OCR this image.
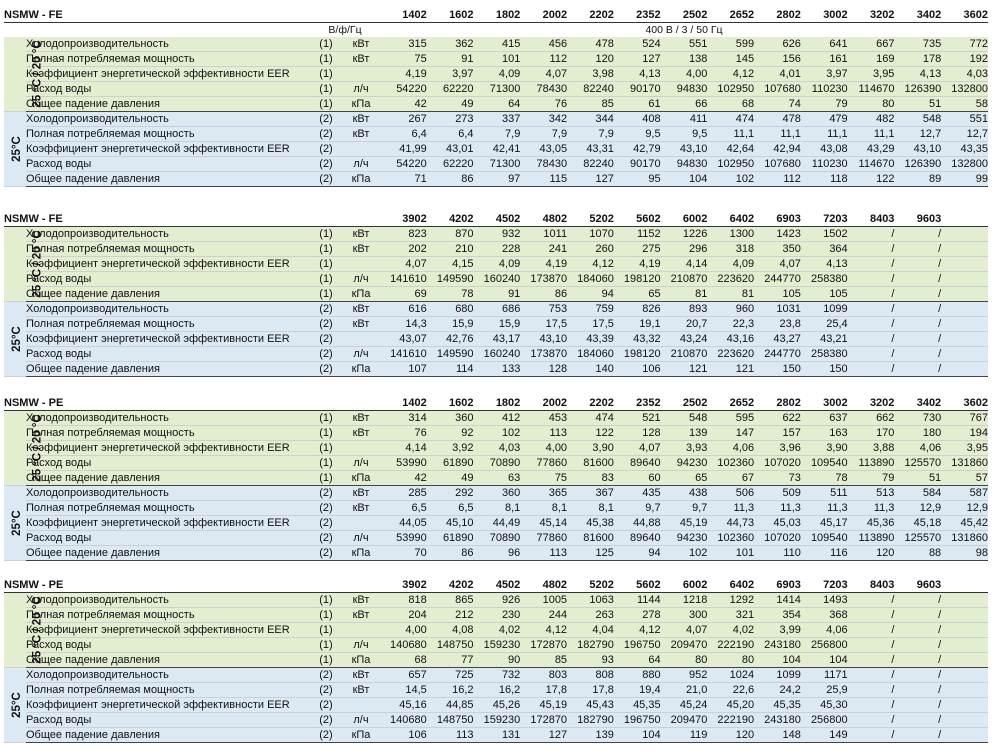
NSMW - FE				1402	1602	1802	2002	2202	2352	2502	2652	2802	3002	3202	3402	3602
		В/ф/Гц		400 В / 3 / 50 Гц												
25 °C / 20 °C	Холодопроизводительность	(1)	кВт	315	362	415	456	478	524	551	599	626	641	667	735	772
	Полная потребляемая мощность	(1)	кВт	75	91	101	112	120	127	138	145	156	161	169	178	192
	Коэффициент энергетической эффективности EER	(1)		4,19	3,97	4,09	4,07	3,98	4,13	4,00	4,12	4,01	3,97	3,95	4,13	4,03
	Расход воды	(1)	л/ч	54220	62220	71300	78430	82240	90170	94830	102950	107680	110230	114670	126390	132800
	Общее падение давления	(1)	кПа	42	49	64	76	85	61	66	68	74	79	80	51	58
25°C	Холодопроизводительность	(2)	кВт	267	273	337	342	344	408	411	474	478	479	482	548	551
	Полная потребляемая мощность	(2)	кВт	6,4	6,4	7,9	7,9	7,9	9,5	9,5	11,1	11,1	11,1	11,1	12,7	12,7
	Коэффициент энергетической эффективности EER	(2)		41,99	43,01	42,41	43,05	43,31	42,79	43,10	42,64	42,94	43,08	43,29	43,10	43,35
	Расход воды	(2)	л/ч	54220	62220	71300	78430	82240	90170	94830	102950	107680	110230	114670	126390	132800
	Общее падение давления	(2)	кПа	71	86	97	115	127	95	104	102	112	118	122	89	99
NSMW - FE				3902	4202	4502	4802	5202	5602	6002	6402	6903	7203	8403	9603	
25 °C / 20 °C	Холодопроизводительность	(1)	кВт	823	870	932	1011	1070	1152	1226	1300	1423	1502	/	/	
	Полная потребляемая мощность	(1)	кВт	202	210	228	241	260	275	296	318	350	364	/	/	
	Коэффициент энергетической эффективности EER	(1)		4,07	4,15	4,09	4,19	4,12	4,19	4,14	4,09	4,07	4,13	/	/	
	Расход воды	(1)	л/ч	141610	149590	160240	173870	184060	198120	210870	223620	244770	258380	/	/	
	Общее падение давления	(1)	кПа	69	78	91	86	94	65	81	81	105	105	/	/	
25°C	Холодопроизводительность	(2)	кВт	616	680	686	753	759	826	893	960	1031	1099	/	/	
	Полная потребляемая мощность	(2)	кВт	14,3	15,9	15,9	17,5	17,5	19,1	20,7	22,3	23,8	25,4	/	/	
	Коэффициент энергетической эффективности EER	(2)		43,07	42,76	43,17	43,10	43,39	43,32	43,24	43,16	43,27	43,21	/	/	
	Расход воды	(2)	л/ч	141610	149590	160240	173870	184060	198120	210870	223620	244770	258380	/	/	
	Общее падение давления	(2)	кПа	107	114	133	128	140	106	121	121	150	150	/	/	
NSMW - PE				1402	1602	1802	2002	2202	2352	2502	2652	2802	3002	3202	3402	3602
25 °C / 20 °C	Холодопроизводительность	(1)	кВт	314	360	412	453	474	521	548	595	622	637	662	730	767
	Полная потребляемая мощность	(1)	кВт	76	92	102	113	122	128	139	147	157	163	170	180	194
	Коэффициент энергетической эффективности EER	(1)		4,14	3,92	4,03	4,00	3,90	4,07	3,93	4,06	3,96	3,90	3,88	4,06	3,95
	Расход воды	(1)	л/ч	53990	61890	70890	77860	81600	89640	94230	102360	107020	109540	113890	125570	131860
	Общее падение давления	(1)	кПа	42	49	63	75	83	60	65	67	73	78	79	51	57
25°C	Холодопроизводительность	(2)	кВт	285	292	360	365	367	435	438	506	509	511	513	584	587
	Полная потребляемая мощность	(2)	кВт	6,5	6,5	8,1	8,1	8,1	9,7	9,7	11,3	11,3	11,3	11,3	12,9	12,9
	Коэффициент энергетической эффективности EER	(2)		44,05	45,10	44,49	45,14	45,38	44,88	45,19	44,73	45,03	45,17	45,36	45,18	45,42
	Расход воды	(2)	л/ч	53990	61890	70890	77860	81600	89640	94230	102360	107020	109540	113890	125570	131860
	Общее падение давления	(2)	кПа	70	86	96	113	125	94	102	101	110	116	120	88	98
NSMW - PE				3902	4202	4502	4802	5202	5602	6002	6402	6903	7203	8403	9603	
25 °C / 20 °C	Холодопроизводительность	(1)	кВт	818	865	926	1005	1063	1144	1218	1292	1414	1493	/	/	
	Полная потребляемая мощность	(1)	кВт	204	212	230	244	263	278	300	321	354	368	/	/	
	Коэффициент энергетической эффективности EER	(1)		4,00	4,08	4,02	4,12	4,04	4,12	4,07	4,02	3,99	4,06	/	/	
	Расход воды	(1)	л/ч	140680	148750	159230	172870	182790	196750	209470	222190	243180	256800	/	/	
	Общее падение давления	(1)	кПа	68	77	90	85	93	64	80	80	104	104	/	/	
25°C	Холодопроизводительность	(2)	кВт	657	725	732	803	808	880	952	1024	1099	1171	/	/	
	Полная потребляемая мощность	(2)	кВт	14,5	16,2	16,2	17,8	17,8	19,4	21,0	22,6	24,2	25,9	/	/	
	Коэффициент энергетической эффективности EER	(2)		45,16	44,85	45,26	45,19	45,43	45,35	45,24	45,20	45,35	45,30	/	/	
	Расход воды	(2)	л/ч	140680	148750	159230	172870	182790	196750	209470	222190	243180	256800	/	/	
	Общее падение давления	(2)	кПа	106	113	131	127	139	104	119	120	148	149	/	/	
